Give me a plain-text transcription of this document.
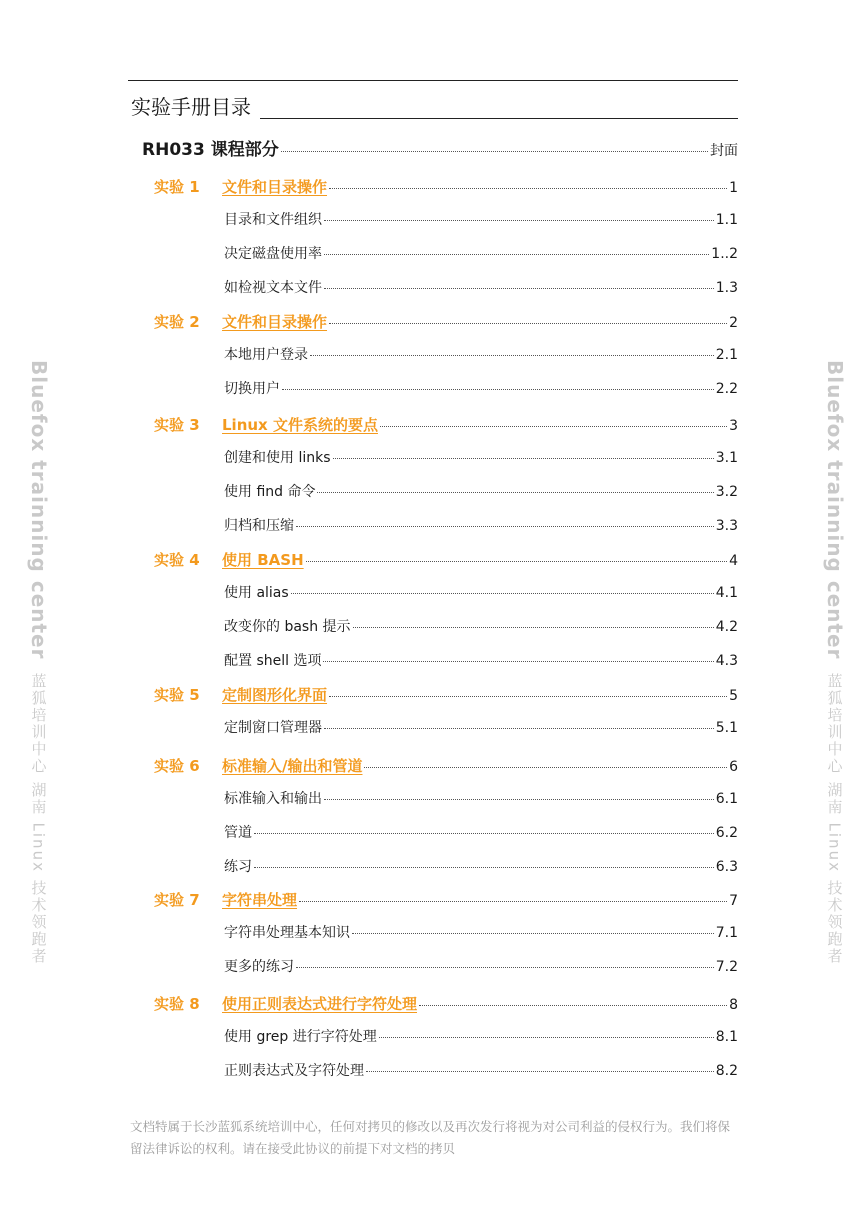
实验手册目录
RH033 课程部分	封面
实验 1	文件和目录操作	1
目录和文件组织	1.1
决定磁盘使用率	1..2
如检视文本文件	1.3
实验 2	文件和目录操作	2
本地用户登录	2.1
切换用户	2.2
实验 3	Linux 文件系统的要点	3
创建和使用 links	3.1
使用 find 命令	3.2
归档和压缩	3.3
实验 4	使用 BASH	4
使用 alias	4.1
改变你的 bash 提示	4.2
配置 shell 选项	4.3
实验 5	定制图形化界面	5
定制窗口管理器	5.1
实验 6	标准输入/输出和管道	6
标准输入和输出	6.1
管道	6.2
练习	6.3
实验 7	字符串处理	7
字符串处理基本知识	7.1
更多的练习	7.2
实验 8	使用正则表达式进行字符处理	8
使用 grep 进行字符处理	8.1
正则表达式及字符处理	8.2
Bluefox trainning center
蓝狐培训中心 湖南 Linux 技术领跑者
Bluefox trainning center
蓝狐培训中心 湖南 Linux 技术领跑者
文档特属于长沙蓝狐系统培训中心，任何对拷贝的修改以及再次发行将视为对公司利益的侵权行为。我们将保留法律诉讼的权利。请在接受此协议的前提下对文档的拷贝
